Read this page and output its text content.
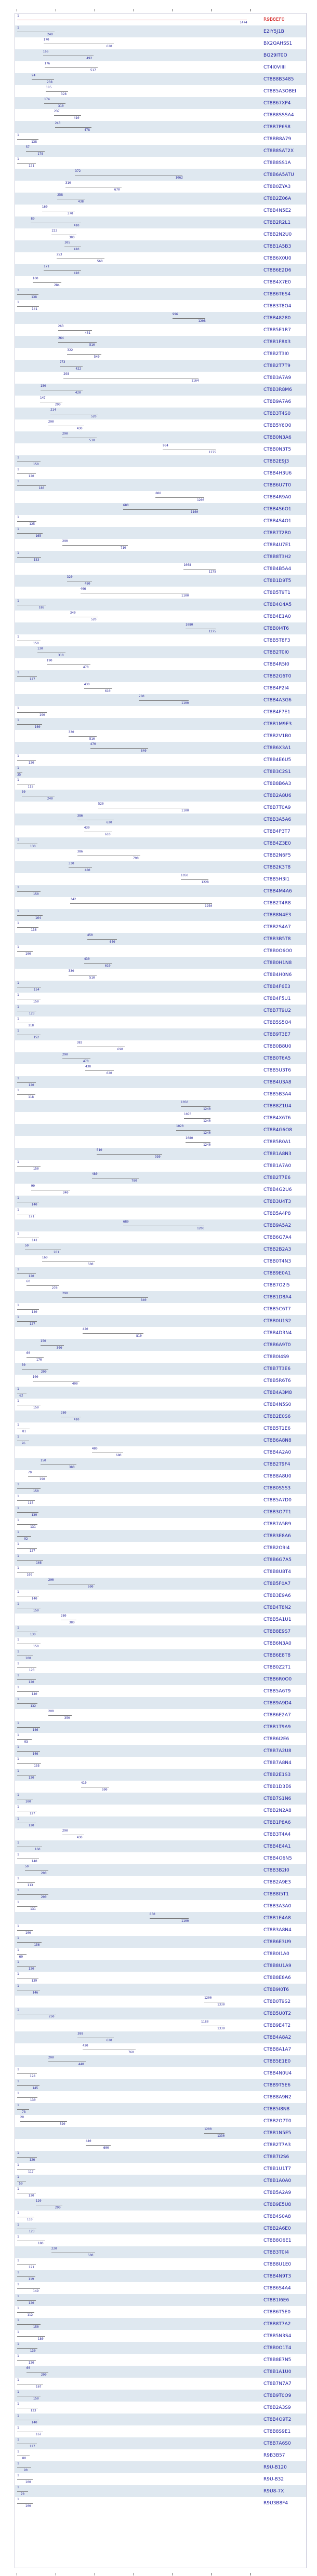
1
1474
R9B8EF0
1
240
E2IY5J1B
170
620
BX2QAHSS1
166
492
BQ29IT0O
176
517
CT4I0VIIII
94
238
CT8B8B3485
185
328
CT8B5A3OBEI
174
310
CT8B67XP4
237
410
CT8B8SSSA4
243
478
CT8B7P6S8
1
138
CT8BB8A79
57
178
CT8B8SAT2X
1
121
CT8B8SS1A
372
1062
CT8B6A5ATU
310
670
CT8B0ZYA3
258
438
CT8B2Z06A
160
370
CT8B4N5E2
89
410
CT8B2R2L1
222
380
CT8B2N2U0
305
410
CT8B1A5B3
253
560
CT8B6X0U0
171
410
CT8B6E2D6
100
284
CT8B4X7E0
1
138
CT8B6T6S4
1
141
CT8B3T8O4
996
1208
CT8B48280
263
481
CT8B5E1R7
264
510
CT8B1F8X3
322
540
CT8B2T3I0
273
422
CT8B2T7T9
298
1164
CT8B3A7A9
150
420
CT8B3R8M6
147
290
CT8B9A7A6
214
520
CT8B3T4S0
200
430
CT8B5Y6O0
290
510
CT8B0N3A6
934
1275
CT8B0N3T5
1
150
CT8B2E9J3
1
120
CT8B4H3U6
1
186
CT8B6U7T0
888
1200
CT8B4R9A0
680
1160
CT8B4S6O1
1
125
CT8B4S4O1
1
165
CT8B7T2R0
290
710
CT8B4U7E1
1
153
CT8B8T3H2
1068
1275
CT8B4B5A4
320
480
CT8B1D9T5
406
1100
CT8B5T9T1
1
186
CT8B4O4A5
340
520
CT8B4E1A0
1080
1275
CT8B0I4T6
1
150
CT8B5T8F3
130
310
CT8B2T0I0
190
470
CT8B4R5I0
1
127
CT8B2G6T0
430
610
CT8B4P2I4
780
1100
CT8B4A3G6
1
190
CT8B4F7E1
1
160
CT8B1M9E3
330
510
CT8B2V1B0
470
840
CT8B6X3A1
1
120
CT8B4E6U5
1
35
CT8B3C2S1
1
115
CT8B8B6A3
30
240
CT8B2A8U6
520
1100
CT8B7T0A9
386
620
CT8B3A5A6
430
610
CT8B4P3T7
1
130
CT8B4Z3E0
386
790
CT8B2N6F5
330
480
CT8B2K3T8
1050
1228
CT8B5H3I1
1
150
CT8B4M4A6
342
1250
CT8B2T4R8
1
164
CT8B8N4E3
1
136
CT8B2S4A7
450
640
CT8B3B5T8
1
100
CT8B0O6O0
430
610
CT8B0H1N8
330
510
CT8B4H0N6
1
154
CT8B4F6E3
1
150
CT8B4F5U1
1
123
CT8B7T9U2
1
118
CT8B5S5O4
1
152
CT8B9T3E7
383
690
CT8B0B8U0
290
470
CT8B0T6A5
438
620
CT8B5U3T6
1
120
CT8B4U3A8
1
118
CT8B5B3A4
1050
1240
CT8B8Z1U4
1070
1240
CT8B4X6T6
1020
1240
CT8B4G6O8
1080
1240
CT8B5R0A1
510
930
CT8B1A8N3
1
150
CT8B1A7A0
480
780
CT8B2T7E6
90
340
CT8B4G2U6
1
140
CT8B3U4T3
1
121
CT8B5A4P8
680
1200
CT8B9A5A2
1
141
CT8B6G7A4
50
281
CT8B2B2A3
160
500
CT8B0T4N3
1
120
CT8B9E0A1
60
270
CT8B7O2I5
290
840
CT8B1D8A4
1
140
CT8B5C6T7
1
127
CT8B0U1S2
420
810
CT8B4D3N4
150
300
CT8B6A9T0
60
170
CT8B0I4S9
30
200
CT8B7T3E6
100
400
CT8B5R6T6
1
62
CT8B4A3M8
1
150
CT8B4N5S0
280
410
CT8B2E0S6
1
81
CT8B5T1E6
1
76
CT8B6A8N8
480
680
CT8B4A2A0
150
380
CT8B2T9F4
70
190
CT8B8A8U0
1
150
CT8B0S5S3
1
115
CT8B5A7D0
1
139
CT8B3O7T1
1
131
CT8B7A5R9
1
92
CT8B3E8A6
1
127
CT8B2O9I4
1
168
CT8B6G7A5
1
109
CT8B8U8T4
200
500
CT8B5F0A7
1
140
CT8B3E9A6
1
150
CT8B4T8N2
280
380
CT8B5A1U1
1
130
CT8B8E9S7
1
150
CT8B6N3A0
1
100
CT8B6E8T8
1
123
CT8B0Z2T1
1
120
CT8B6R0O0
1
140
CT8B5A6T9
1
132
CT8B9A9D4
200
350
CT8B6E2A7
1
146
CT8B1T9A9
1
93
CT8B6I2E6
1
146
CT8B7A2U8
1
155
CT8B7A8N4
1
120
CT8B2E1S3
410
590
CT8B1D3E6
1
100
CT8B7S1N6
1
127
CT8B2N2A8
1
120
CT8B1P8A6
290
430
CT8B3T4A4
1
160
CT8B4E4A1
1
140
CT8B4O6N5
50
200
CT8B3B2I0
1
113
CT8B2A9E3
1
200
CT8B8I5T1
1
131
CT8B3A3A0
850
1100
CT8B1E4A8
1
100
CT8B3A8N4
1
156
CT8B6E3U9
1
60
CT8B0I1A0
1
120
CT8B8U1A9
1
139
CT8B8E8A6
1
146
CT8B9I0T6
1200
1330
CT8B0T9S2
1
250
CT8B5U0T2
1180
1330
CT8B9E4T2
388
620
CT8B4A8A2
420
760
CT8B8A1A7
200
440
CT8B5E1E0
1
128
CT8B4N0U4
1
145
CT8B9T5E6
1
130
CT8B8A9N2
1
78
CT8B5I8N8
20
320
CT8B2O7T0
1200
1330
CT8B1N5E5
440
600
CT8B2T7A3
1
126
CT8B7I2S6
1
117
CT8B1U1T7
1
59
CT8B1A0A0
1
120
CT8B5A2A9
120
290
CT8B9E5U8
1
110
CT8B4S0A8
1
123
CT8B2A6E0
1
180
CT8B8O6E1
220
500
CT8B3T0I4
1
121
CT8B8U1E0
1
119
CT8B4N9T3
1
149
CT8B6S4A4
1
120
CT8B1I6E6
1
112
CT8B6T5E0
1
150
CT8B8T7A2
1
180
CT8B5N3S4
1
130
CT8B0O1T4
1
120
CT8B8E7N5
60
200
CT8B1A1U0
1
167
CT8B7N7A7
1
150
CT8B9T0O9
1
133
CT8B2A3S9
1
140
CT8B4O9T2
1
167
CT8B8S9E1
1
127
CT8B7A6S0
1
80
R9B3B57
1
90
R9U-B120
1
100
R9U-B32
1
70
R9U8-7X
1
100
R9U3B8F4
